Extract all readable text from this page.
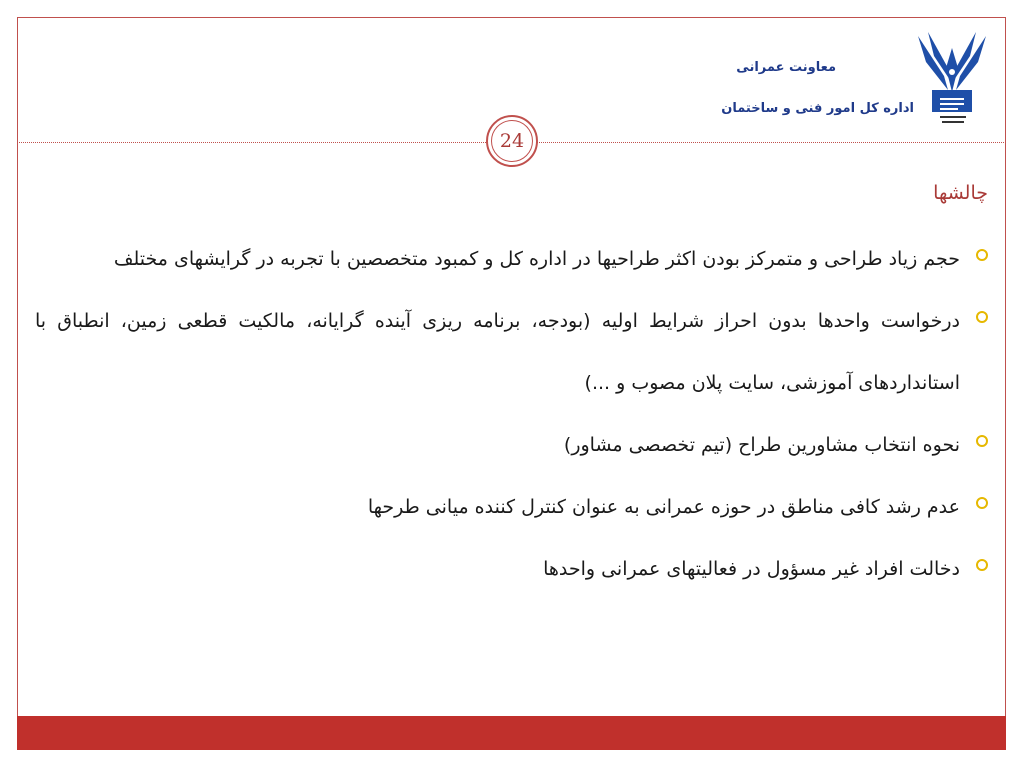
معاونت عمرانی
اداره کل امور فنی و ساختمان
24
چالشها
حجم زیاد طراحی و متمرکز بودن اکثر طراحیها در اداره کل و کمبود متخصصین با تجربه در گرایشهای مختلف
درخواست واحدها بدون احراز شرایط اولیه (بودجه، برنامه ریزی آینده گرایانه، مالکیت قطعی زمین، انطباق با استانداردهای آموزشی، سایت پلان مصوب و ...)
نحوه انتخاب مشاورین طراح (تیم تخصصی مشاور)
عدم رشد کافی مناطق در حوزه عمرانی به عنوان کنترل کننده میانی طرحها
دخالت افراد غیر مسؤول در فعالیتهای عمرانی واحدها
